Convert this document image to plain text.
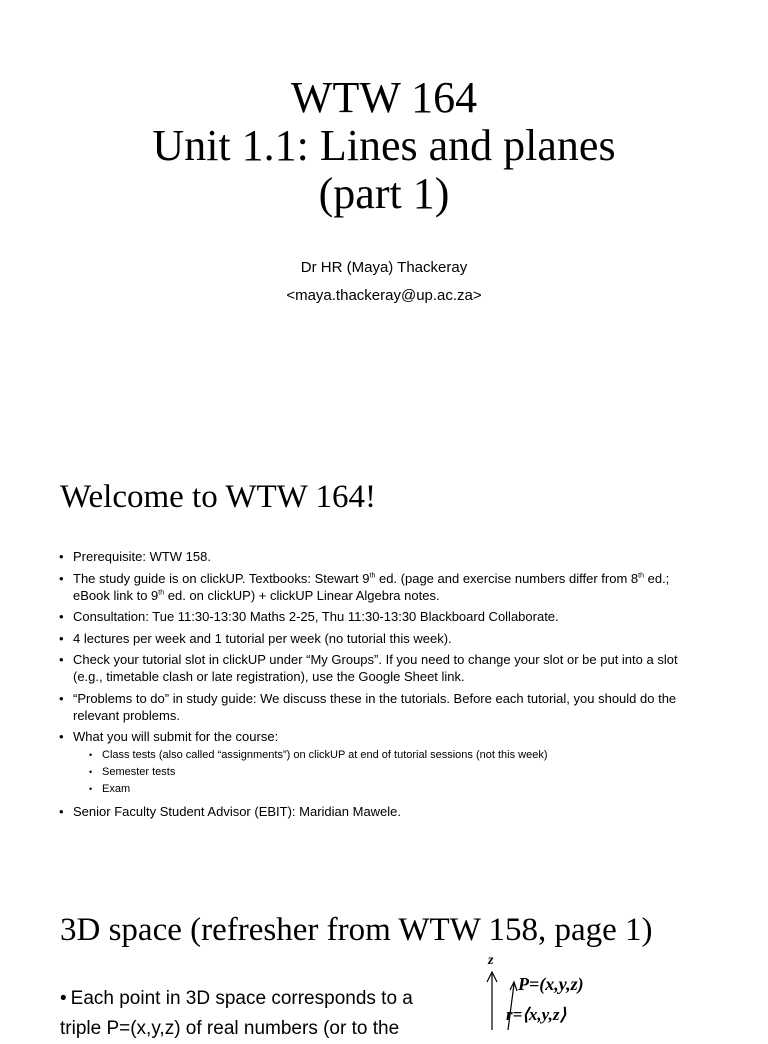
WTW 164
Unit 1.1: Lines and planes
(part 1)
Dr HR (Maya) Thackeray
<maya.thackeray@up.ac.za>
Welcome to WTW 164!
• Prerequisite: WTW 158.
• The study guide is on clickUP. Textbooks: Stewart 9th ed. (page and exercise numbers differ from 8th ed.; eBook link to 9th ed. on clickUP) + clickUP Linear Algebra notes.
• Consultation: Tue 11:30-13:30 Maths 2-25, Thu 11:30-13:30 Blackboard Collaborate.
• 4 lectures per week and 1 tutorial per week (no tutorial this week).
• Check your tutorial slot in clickUP under “My Groups”. If you need to change your slot or be put into a slot (e.g., timetable clash or late registration), use the Google Sheet link.
• “Problems to do” in study guide: We discuss these in the tutorials. Before each tutorial, you should do the relevant problems.
• What you will submit for the course:
• Class tests (also called “assignments”) on clickUP at end of tutorial sessions (not this week)
• Semester tests
• Exam
• Senior Faculty Student Advisor (EBIT): Maridian Mawele.
3D space (refresher from WTW 158, page 1)
• Each point in 3D space corresponds to a
triple P=(x,y,z) of real numbers (or to the
z
P=(x,y,z)
r=⟨x,y,z⟩
